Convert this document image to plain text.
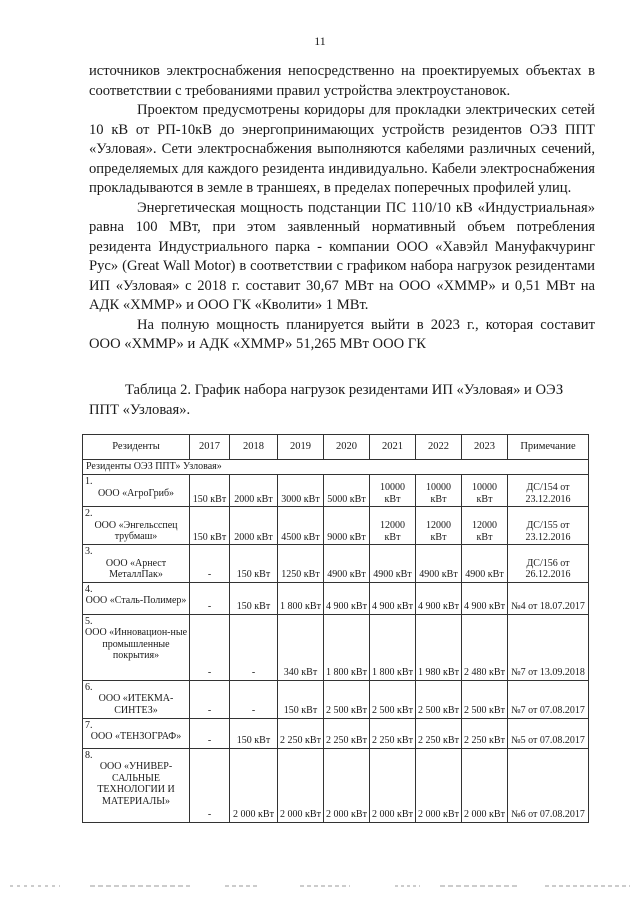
11

источников электроснабжения непосредственно на проектируемых объектах в соответствии с требованиями правил устройства электроустановок.

Проектом предусмотрены коридоры для прокладки электрических сетей 10 кВ от РП-10кВ до энергопринимающих устройств резидентов ОЭЗ ППТ «Узловая». Сети электроснабжения выполняются кабелями различных сечений, определяемых для каждого резидента индивидуально. Кабели электроснабжения прокладываются в земле в траншеях, в пределах поперечных профилей улиц.

Энергетическая мощность подстанции ПС 110/10 кВ «Индустриальная» равна 100 МВт, при этом заявленный нормативный объем потребления резидента Индустриального парка - компании ООО «Хавэйл Мануфакчуринг Рус» (Great Wall Motor) в соответствии с графиком набора нагрузок резидентами ИП «Узловая» с 2018 г. составит 30,67 МВт на ООО «ХММР» и 0,51 МВт на АДК «ХММР» и ООО ГК «Кволити» 1 МВт.

На полную мощность планируется выйти в 2023 г., которая составит ООО «ХММР» и АДК «ХММР» 51,265 МВт ООО ГК

Таблица 2. График набора нагрузок резидентами ИП «Узловая» и ОЭЗ ППТ «Узловая».
Резиденты	2017	2018	2019	2020	2021	2022	2023	Примечание
Резиденты ОЭЗ ППТ» Узловая»								

1.
ООО «АгроГриб»	150 кВт	2000 кВт	3000 кВт	5000 кВт	10000 кВт	10000 кВт	10000 кВт	ДС/154 от 23.12.2016

2.
ООО «Энгельсспец трубмаш»	150 кВт	2000 кВт	4500 кВт	9000 кВт	12000 кВт	12000 кВт	12000 кВт	ДС/155 от 23.12.2016

3.
ООО «Арнест МеталлПак»	-	150 кВт	1250 кВт	4900 кВт	4900 кВт	4900 кВт	4900 кВт	ДС/156 от 26.12.2016

4.
ООО «Сталь-Полимер»	-	150 кВт	1 800 кВт	4 900 кВт	4 900 кВт	4 900 кВт	4 900 кВт	№4 от 18.07.2017

5.
ООО «Инновацион-ные промышленные покрытия»	-	-	340 кВт	1 800 кВт	1 800 кВт	1 980 кВт	2 480 кВт	№7 от 13.09.2018

6.
ООО «ИТЕКМА-СИНТЕЗ»	-	-	150 кВт	2 500 кВт	2 500 кВт	2 500 кВт	2 500 кВт	№7 от 07.08.2017

7.
ООО «ТЕНЗОГРАФ»	-	150 кВт	2 250 кВт	2 250 кВт	2 250 кВт	2 250 кВт	2 250 кВт	№5 от 07.08.2017

8.
ООО «УНИВЕР-САЛЬНЫЕ ТЕХНОЛОГИИ И МАТЕРИАЛЫ»	-	2 000 кВт	2 000 кВт	2 000 кВт	2 000 кВт	2 000 кВт	2 000 кВт	№6 от 07.08.2017
